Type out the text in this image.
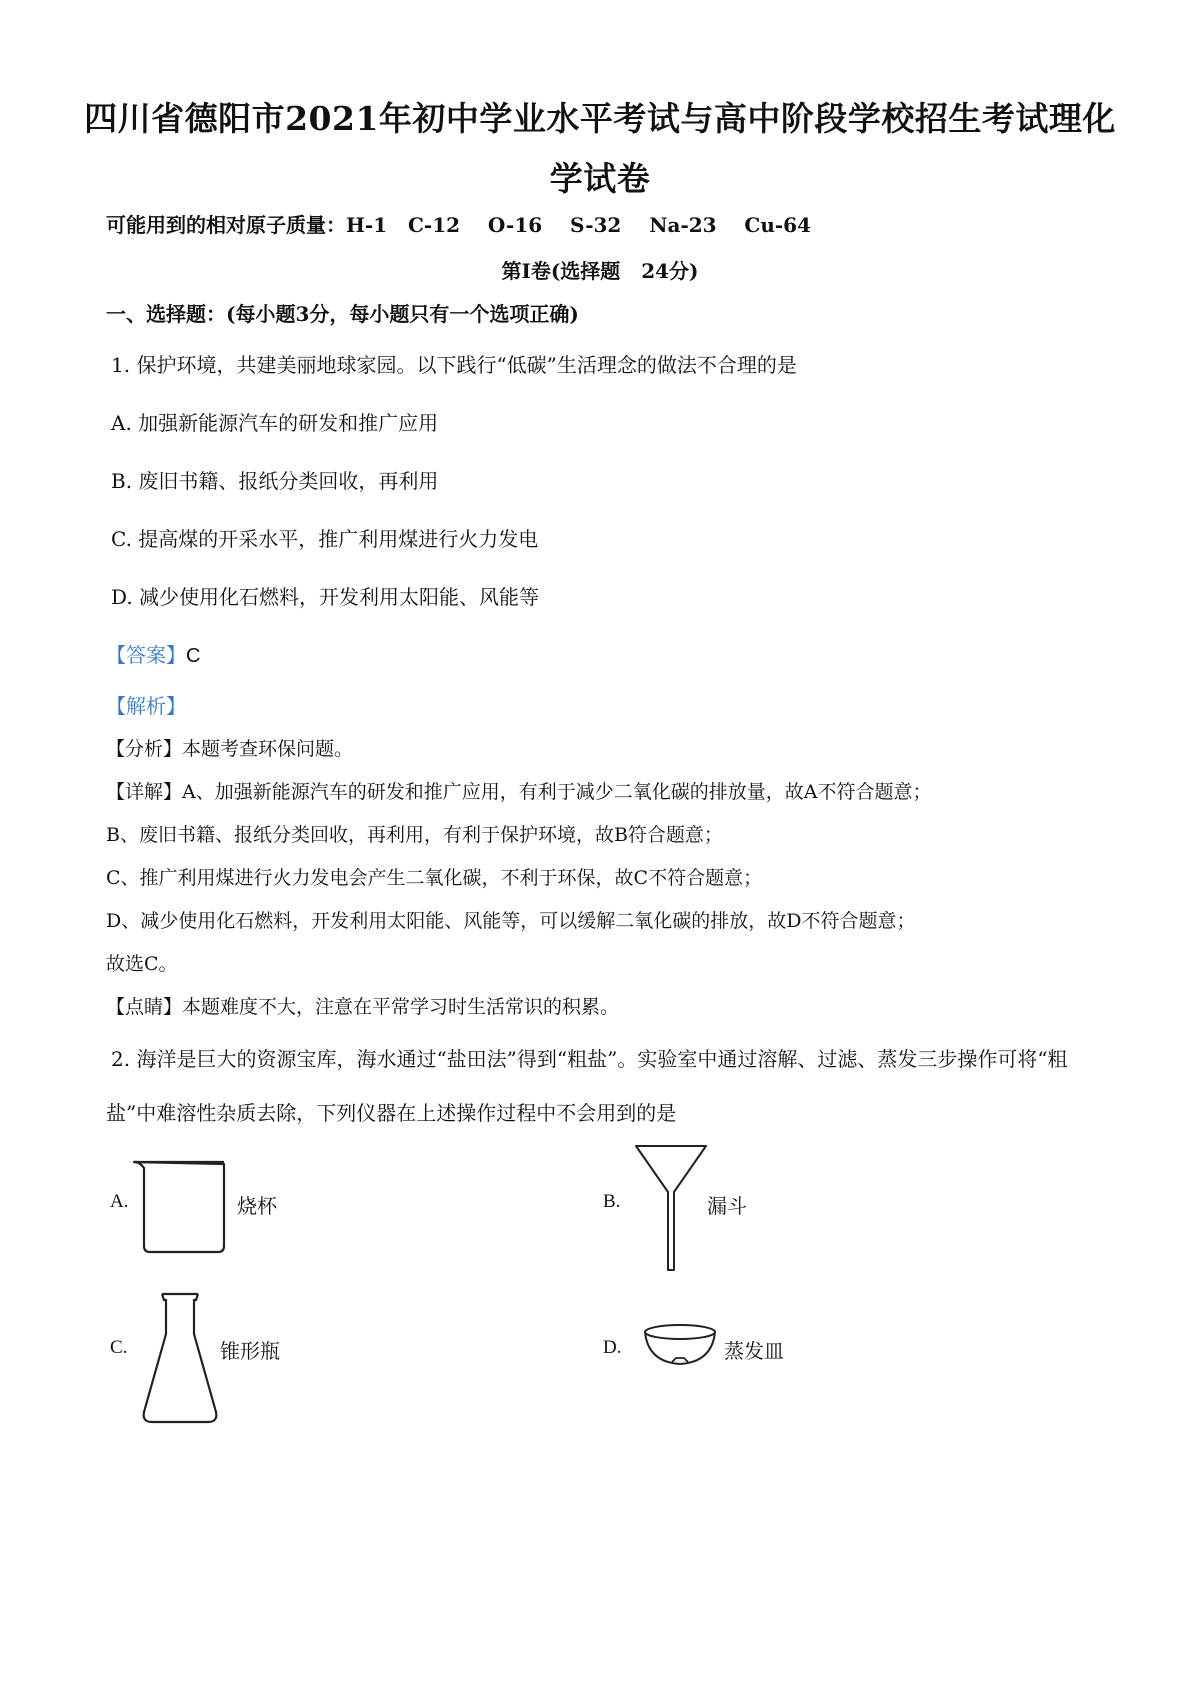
四川省德阳市2021年初中学业水平考试与高中阶段学校招生考试理化
学试卷
可能用到的相对原子质量：H-1   C-12    O-16    S-32    Na-23    Cu-64
第Ⅰ卷(选择题   24分)
一、选择题：(每小题3分，每小题只有一个选项正确)
1. 保护环境，共建美丽地球家园。以下践行“低碳”生活理念的做法不合理的是
A. 加强新能源汽车的研发和推广应用
B. 废旧书籍、报纸分类回收，再利用
C. 提高煤的开采水平，推广利用煤进行火力发电
D. 减少使用化石燃料，开发利用太阳能、风能等
【答案】C
【解析】
【分析】本题考查环保问题。
【详解】A、加强新能源汽车的研发和推广应用，有利于减少二氧化碳的排放量，故A不符合题意；
B、废旧书籍、报纸分类回收，再利用，有利于保护环境，故B符合题意；
C、推广利用煤进行火力发电会产生二氧化碳，不利于环保，故C不符合题意；
D、减少使用化石燃料，开发利用太阳能、风能等，可以缓解二氧化碳的排放，故D不符合题意；
故选C。
【点睛】本题难度不大，注意在平常学习时生活常识的积累。
2. 海洋是巨大的资源宝库，海水通过“盐田法”得到“粗盐”。实验室中通过溶解、过滤、蒸发三步操作可将“粗
盐”中难溶性杂质去除，下列仪器在上述操作过程中不会用到的是
A.	烧杯	B.	漏斗
C.	锥形瓶	D.	蒸发皿
